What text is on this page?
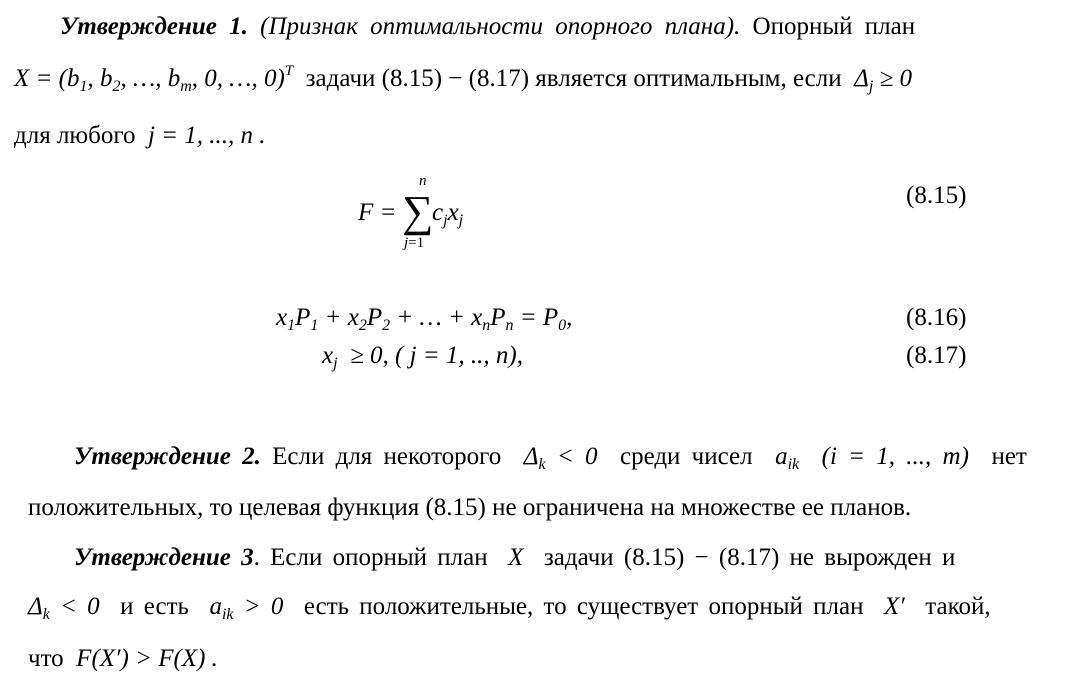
Утверждение 1. (Признак оптимальности опорного плана). Опорный план
$X = (b_1$, $b_2$, …, $b_m$, 0, …, 0)$^T$ задачи (8.15) − (8.17) является оптимальным, если $\Delta_j \ge 0$
для любого j = 1, ..., n .
F = ∑
n
j=1
$c_jx_j$
(8.15)
$x_1P_1 + x_2P_2$ + … + $x_nP_n = P_0$,	(8.16)
$x_j \ge 0$, ( j = 1, .., n),	(8.17)
Утверждение 2. Если для некоторого $\Delta_k < 0$ среди чисел $a_{ik}$ (i = 1, ..., m) нет
положительных, то целевая функция (8.15) не ограничена на множестве ее планов.
Утверждение 3. Если опорный план X задачи (8.15) − (8.17) не вырожден и
$\Delta_k < 0$ и есть $a_{ik} > 0$ есть положительные, то существует опорный план X′ такой,
что F(X′) > F(X) .
